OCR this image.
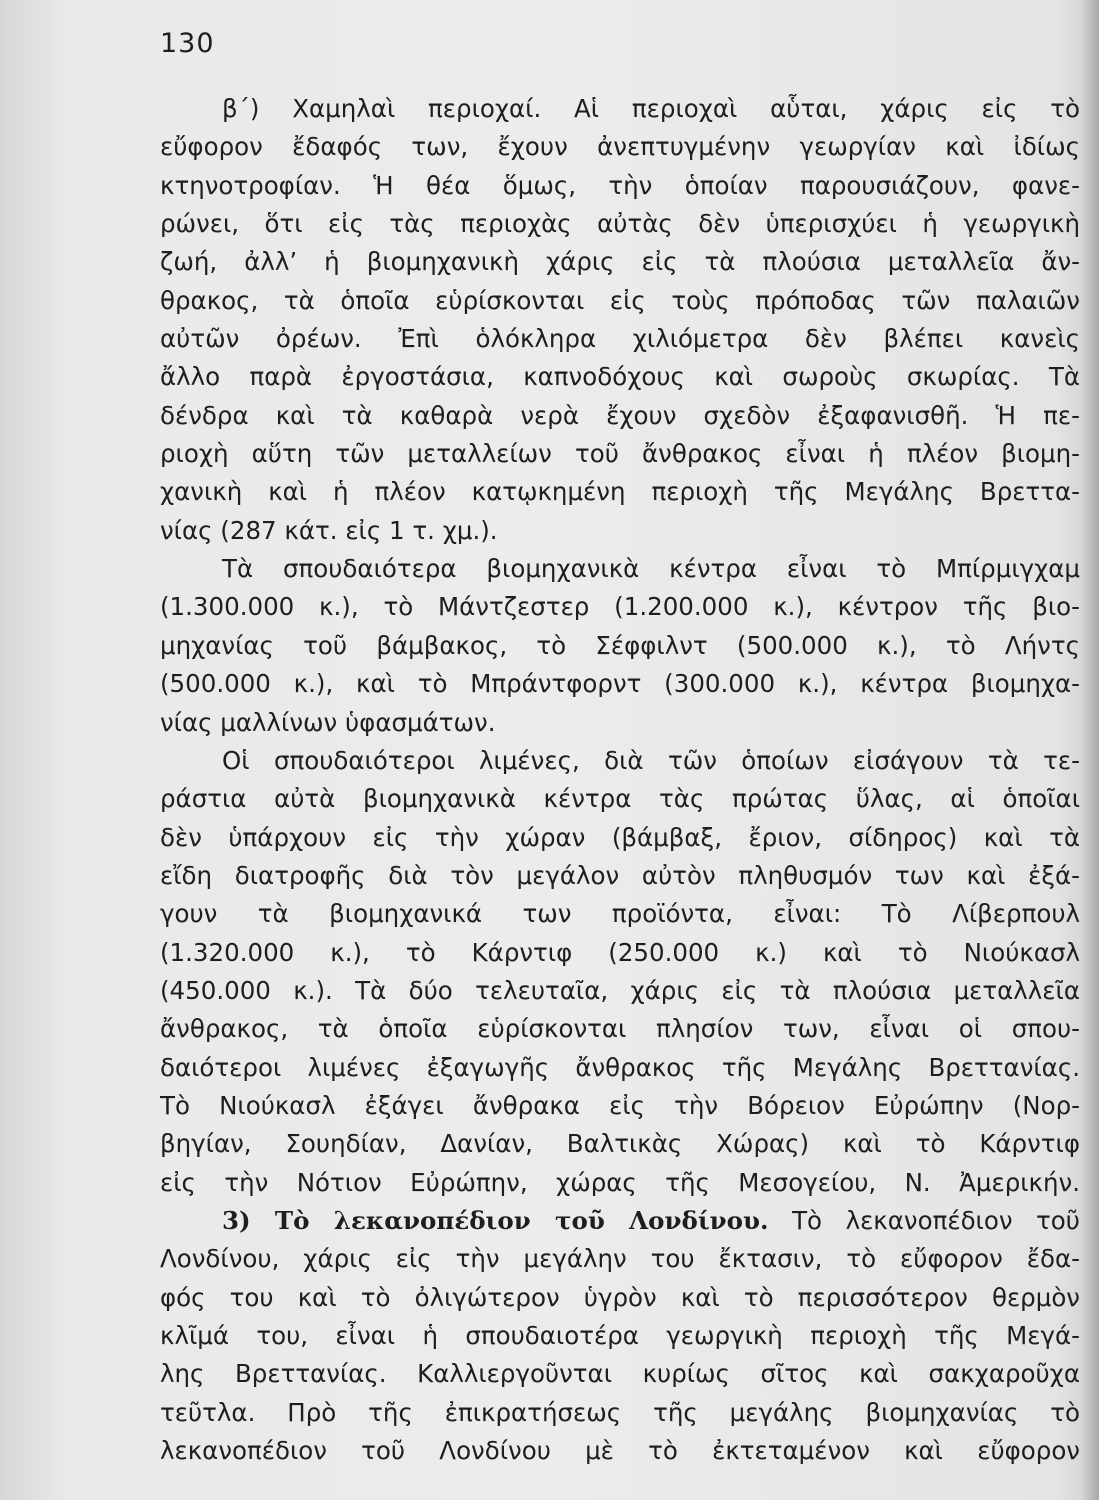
130
β΄) Χαμηλαὶ περιοχαί. Αἱ περιοχαὶ αὗται, χάρις εἰς τὸ
εὔφορον ἔδαφός των, ἔχουν ἀνεπτυγμένην γεωργίαν καὶ ἰδίως
κτηνοτροφίαν. Ἡ θέα ὅμως, τὴν ὁποίαν παρουσιάζουν, φανε-
ρώνει, ὅτι εἰς τὰς περιοχὰς αὐτὰς δὲν ὑπερισχύει ἡ γεωργικὴ
ζωή, ἀλλ’ ἡ βιομηχανικὴ χάρις εἰς τὰ πλούσια μεταλλεῖα ἄν-
θρακος, τὰ ὁποῖα εὑρίσκονται εἰς τοὺς πρόποδας τῶν παλαιῶν
αὐτῶν ὀρέων. Ἐπὶ ὁλόκληρα χιλιόμετρα δὲν βλέπει κανεὶς
ἄλλο παρὰ ἐργοστάσια, καπνοδόχους καὶ σωροὺς σκωρίας. Τὰ
δένδρα καὶ τὰ καθαρὰ νερὰ ἔχουν σχεδὸν ἐξαφανισθῆ. Ἡ πε-
ριοχὴ αὕτη τῶν μεταλλείων τοῦ ἄνθρακος εἶναι ἡ πλέον βιομη-
χανικὴ καὶ ἡ πλέον κατῳκημένη περιοχὴ τῆς Μεγάλης Βρεττα-
νίας (287 κάτ. εἰς 1 τ. χμ.).
Τὰ σπουδαιότερα βιομηχανικὰ κέντρα εἶναι τὸ Μπίρμιγχαμ
(1.300.000 κ.), τὸ Μάντζεστερ (1.200.000 κ.), κέντρον τῆς βιο-
μηχανίας τοῦ βάμβακος, τὸ Σέφφιλντ (500.000 κ.), τὸ Λήντς
(500.000 κ.), καὶ τὸ Μπράντφορντ (300.000 κ.), κέντρα βιομηχα-
νίας μαλλίνων ὑφασμάτων.
Οἱ σπουδαιότεροι λιμένες, διὰ τῶν ὁποίων εἰσάγουν τὰ τε-
ράστια αὐτὰ βιομηχανικὰ κέντρα τὰς πρώτας ὕλας, αἱ ὁποῖαι
δὲν ὑπάρχουν εἰς τὴν χώραν (βάμβαξ, ἔριον, σίδηρος) καὶ τὰ
εἴδη διατροφῆς διὰ τὸν μεγάλον αὐτὸν πληθυσμόν των καὶ ἐξά-
γουν τὰ βιομηχανικά των προϊόντα, εἶναι: Τὸ Λίβερπουλ
(1.320.000 κ.), τὸ Κάρντιφ (250.000 κ.) καὶ τὸ Νιούκασλ
(450.000 κ.). Τὰ δύο τελευταῖα, χάρις εἰς τὰ πλούσια μεταλλεῖα
ἄνθρακος, τὰ ὁποῖα εὑρίσκονται πλησίον των, εἶναι οἱ σπου-
δαιότεροι λιμένες ἐξαγωγῆς ἄνθρακος τῆς Μεγάλης Βρεττανίας.
Τὸ Νιούκασλ ἐξάγει ἄνθρακα εἰς τὴν Βόρειον Εὐρώπην (Νορ-
βηγίαν, Σουηδίαν, Δανίαν, Βαλτικὰς Χώρας) καὶ τὸ Κάρντιφ
εἰς τὴν Νότιον Εὐρώπην, χώρας τῆς Μεσογείου, Ν. Ἀμερικήν.
3) Τὸ λεκανοπέδιον τοῦ Λονδίνου. Τὸ λεκανοπέδιον τοῦ
Λονδίνου, χάρις εἰς τὴν μεγάλην του ἔκτασιν, τὸ εὔφορον ἔδα-
φός του καὶ τὸ ὀλιγώτερον ὑγρὸν καὶ τὸ περισσότερον θερμὸν
κλῖμά του, εἶναι ἡ σπουδαιοτέρα γεωργικὴ περιοχὴ τῆς Μεγά-
λης Βρεττανίας. Καλλιεργοῦνται κυρίως σῖτος καὶ σακχαροῦχα
τεῦτλα. Πρὸ τῆς ἐπικρατήσεως τῆς μεγάλης βιομηχανίας τὸ
λεκανοπέδιον τοῦ Λονδίνου μὲ τὸ ἐκτεταμένον καὶ εὔφορον
